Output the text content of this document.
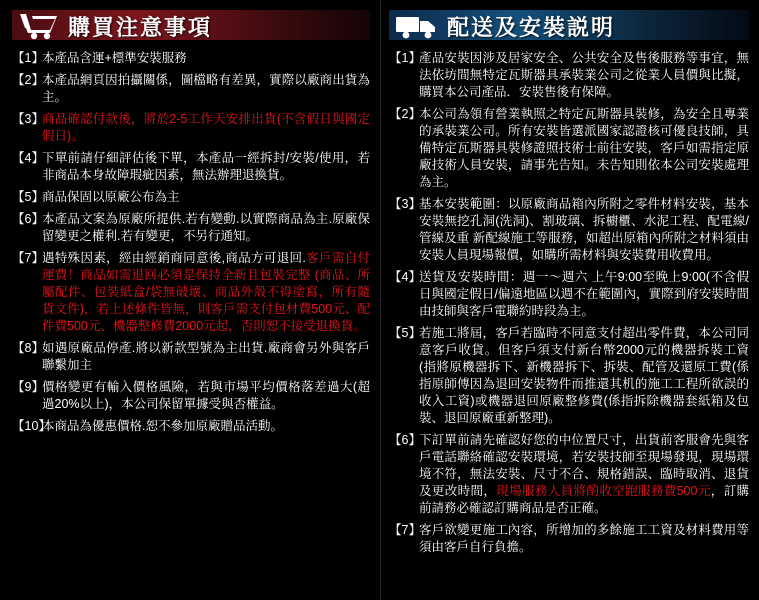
購買注意事項
【1】
本產品含運+標準安裝服務
【2】
本產品網頁因拍攝關係，圖檔略有差異，實際以廠商出貨為主。
【3】
商品確認付款後，將於2-5工作天安排出貨(不含假日與國定假日)。
【4】
下單前請仔細評估後下單，本產品一經拆封/安裝/使用，若非商品本身故障瑕疵因素，無法辦理退換貨。
【5】
商品保固以原廠公布為主
【6】
本產品文案為原廠所提供.若有變動.以實際商品為主.原廠保留變更之權利.若有變更，不另行通知。
【7】
遇特殊因素，經由經銷商同意後,商品方可退回.客戶需自付運費！商品如需退回必須是保持全新且包裝完整 (商品、所屬配件、包裝紙盒/袋無破壞、商品外殼不得塗寫，所有隨貨文件)，若上述條件皆無，則客戶需支付包材費500元、配件費500元、機器整修費2000元起，否則恕不接受退換貨。
【8】
如遇原廠品停產.將以新款型號為主出貨.廠商會另外與客戶聯繫加主
【9】
價格變更有輸入價格風險，若與市場平均價格落差過大(超過20%以上)，本公司保留單據受與否權益。
【10】
本商品為優惠價格.恕不參加原廠贈品活動。
配送及安裝説明
【1】
產品安裝因涉及居家安全、公共安全及售後服務等事宜，無法依坊間無特定瓦斯器具承裝業公司之從業人員價與比擬，購買本公司產品．安裝售後有保障。
【2】
本公司為領有營業執照之特定瓦斯器具裝修，為安全且專業的承裝業公司。所有安裝皆選派國家認證核可優良技師，具備特定瓦斯器具裝修證照技術士前往安裝，客戶如需指定原廠技術人員安裝，請事先告知。未告知則依本公司安裝處理為主。
【3】
基本安裝範圍：以原廠商品箱內所附之零件材料安裝，基本安裝無挖孔洞(洗洞)、割玻璃、拆櫥櫃、水泥工程、配電線/管線及重 新配線施工等服務，如超出原箱內所附之材料須由安裝人員現場報價，如購所需材料與安裝費用收費用。
【4】
送貨及安裝時間：週一～週六 上午9:00至晚上9:00(不含假日與國定假日/偏遠地區以週不在範圍內，實際到府安裝時間由技師與客戶電聯約時段為主。
【5】
若施工將屆，客戶若臨時不同意支付超出零件費，本公司同意客戶收貨。但客戶須支付新台幣2000元的機器拆裝工資(指將原機器拆下、新機器拆下、拆裝、配管及還原工費(係指原師傅因為退回安裝物件而推還其机的施工工程所欲誤的收入工資)或機器退回原廠整修費(係指拆除機器套紙箱及包裝、退回原廠重新整理)。
【6】
下訂單前請先確認好您的中位置尺寸，出貨前客服會先與客戶電話聯絡確認安裝環境，若安裝技師至現場發現，現場環境不符，無法安裝、尺寸不合、規格錯誤、臨時取消、退貨及更改時間，現場服務人員將酌收空跑服務費500元，訂購前請務必確認訂購商品是否正確。
【7】
客戶欲變更施工內容，所增加的多餘施工工資及材料費用等須由客戶自行負擔。
